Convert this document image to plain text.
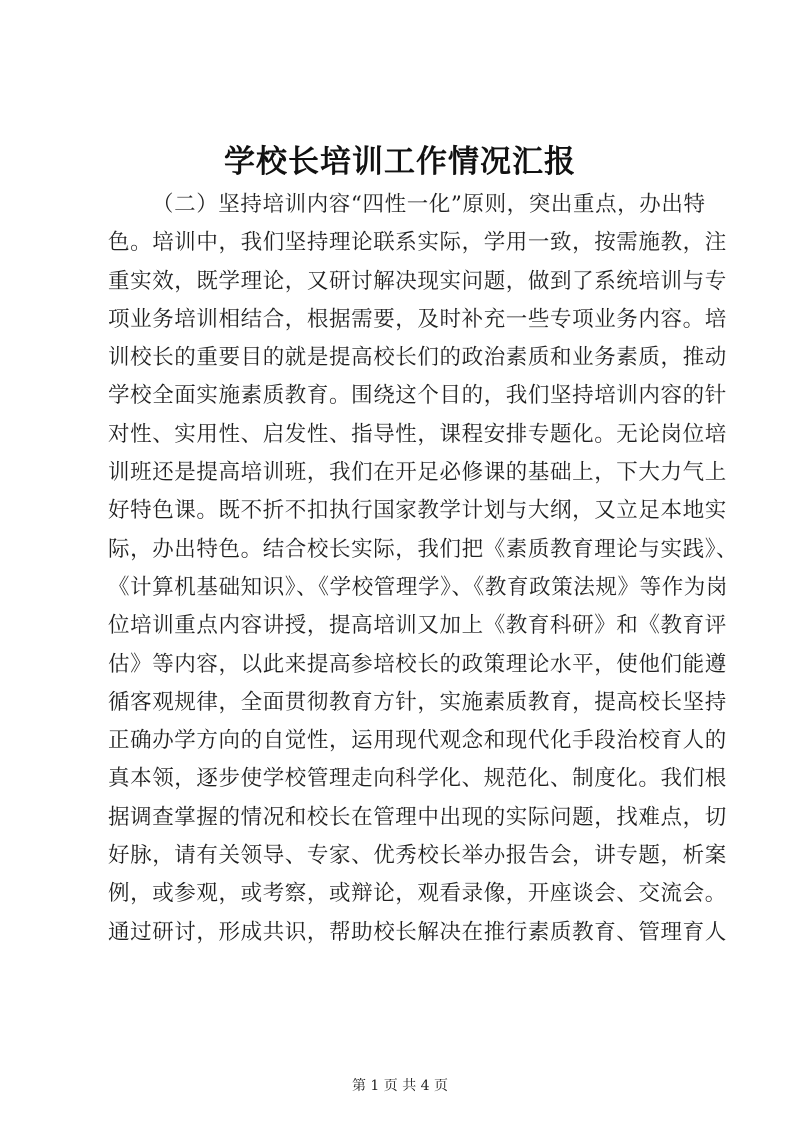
学校长培训工作情况汇报
（二）坚持培训内容“四性一化”原则，突出重点，办出特
色。培训中，我们坚持理论联系实际，学用一致，按需施教，注
重实效，既学理论，又研讨解决现实问题，做到了系统培训与专
项业务培训相结合，根据需要，及时补充一些专项业务内容。培
训校长的重要目的就是提高校长们的政治素质和业务素质，推动
学校全面实施素质教育。围绕这个目的，我们坚持培训内容的针
对性、实用性、启发性、指导性，课程安排专题化。无论岗位培
训班还是提高培训班，我们在开足必修课的基础上，下大力气上
好特色课。既不折不扣执行国家教学计划与大纲，又立足本地实
际，办出特色。结合校长实际，我们把《素质教育理论与实践》、
《计算机基础知识》、《学校管理学》、《教育政策法规》等作为岗
位培训重点内容讲授，提高培训又加上《教育科研》和《教育评
估》等内容，以此来提高参培校长的政策理论水平，使他们能遵
循客观规律，全面贯彻教育方针，实施素质教育，提高校长坚持
正确办学方向的自觉性，运用现代观念和现代化手段治校育人的
真本领，逐步使学校管理走向科学化、规范化、制度化。我们根
据调查掌握的情况和校长在管理中出现的实际问题，找难点，切
好脉，请有关领导、专家、优秀校长举办报告会，讲专题，析案
例，或参观，或考察，或辩论，观看录像，开座谈会、交流会。
通过研讨，形成共识，帮助校长解决在推行素质教育、管理育人
第 1 页 共 4 页
